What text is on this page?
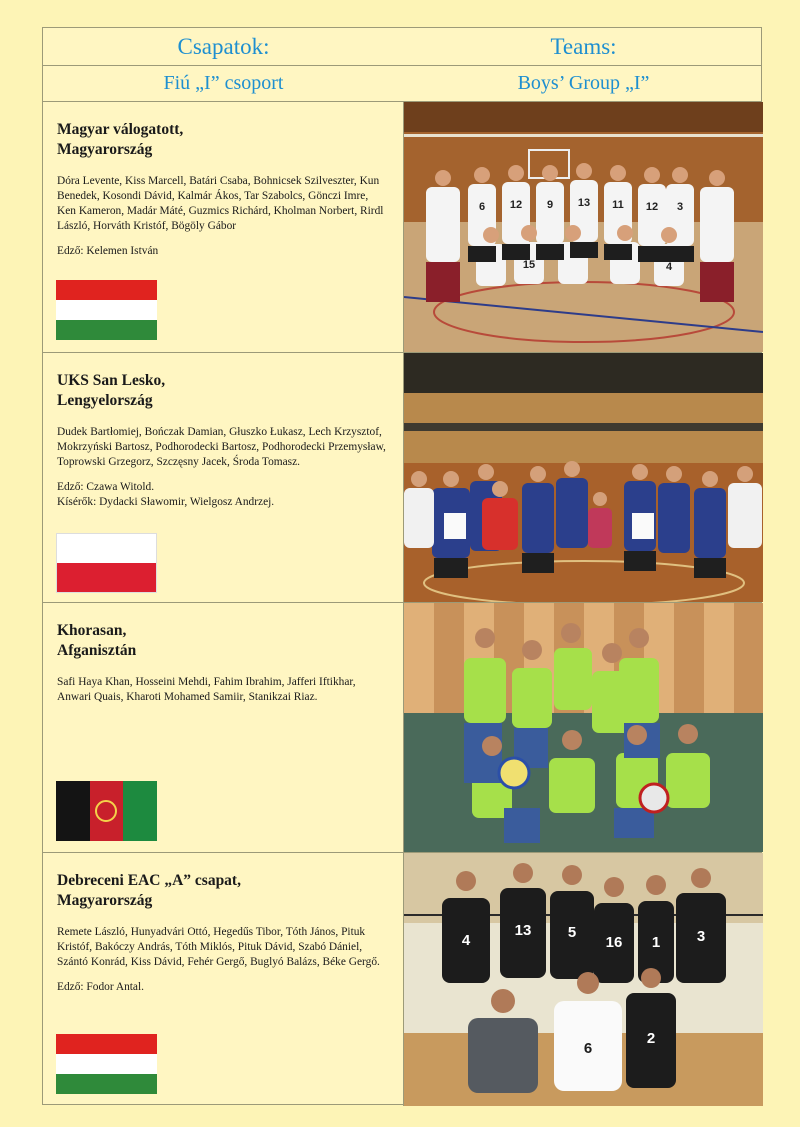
Csapatok:	Teams:
Fiú „I” csoport	Boys’ Group „I”

Magyar válogatott,
Magyarország

Dóra Levente, Kiss Marcell, Batári Csaba, Bohnicsek Szilveszter, Kun Benedek, Kosondi Dávid, Kalmár Ákos, Tar Szabolcs, Gönczi Imre, Ken Kameron, Madár Máté, Guzmics Richárd, Kholman Norbert, Rirdl László, Horváth Kristóf, Bögöly Gábor

Edző: Kelemen István

6 12 9 13 11 12 3
15	4

UKS San Lesko,
Lengyelország

Dudek Bartłomiej, Bończak Damian, Głuszko Łukasz, Lech Krzysztof, Mokrzyński Bartosz, Podhorodecki Bartosz, Podhorodecki Przemysław, Toprowski Grzegorz, Szczęsny Jacek, Środa Tomasz.

Edző: Czawa Witold.
Kísérők: Dydacki Sławomir, Wielgosz Andrzej.

Khorasan,
Afganisztán

Safi Haya Khan, Hosseini Mehdi, Fahim Ibrahim, Jafferi Iftikhar, Anwari Quais, Kharoti Mohamed Samiir, Stanikzai Riaz.

Debreceni EAC „A” csapat,
Magyarország

Remete László, Hunyadvári Ottó, Hegedűs Tibor, Tóth János, Pituk Kristóf, Bakóczy András, Tóth Miklós, Pituk Dávid, Szabó Dániel, Szántó Konrád, Kiss Dávid, Fehér Gergő, Buglyó Balázs, Béke Gergő.

Edző: Fodor Antal.

4
13 5
16 1 3
2
6
